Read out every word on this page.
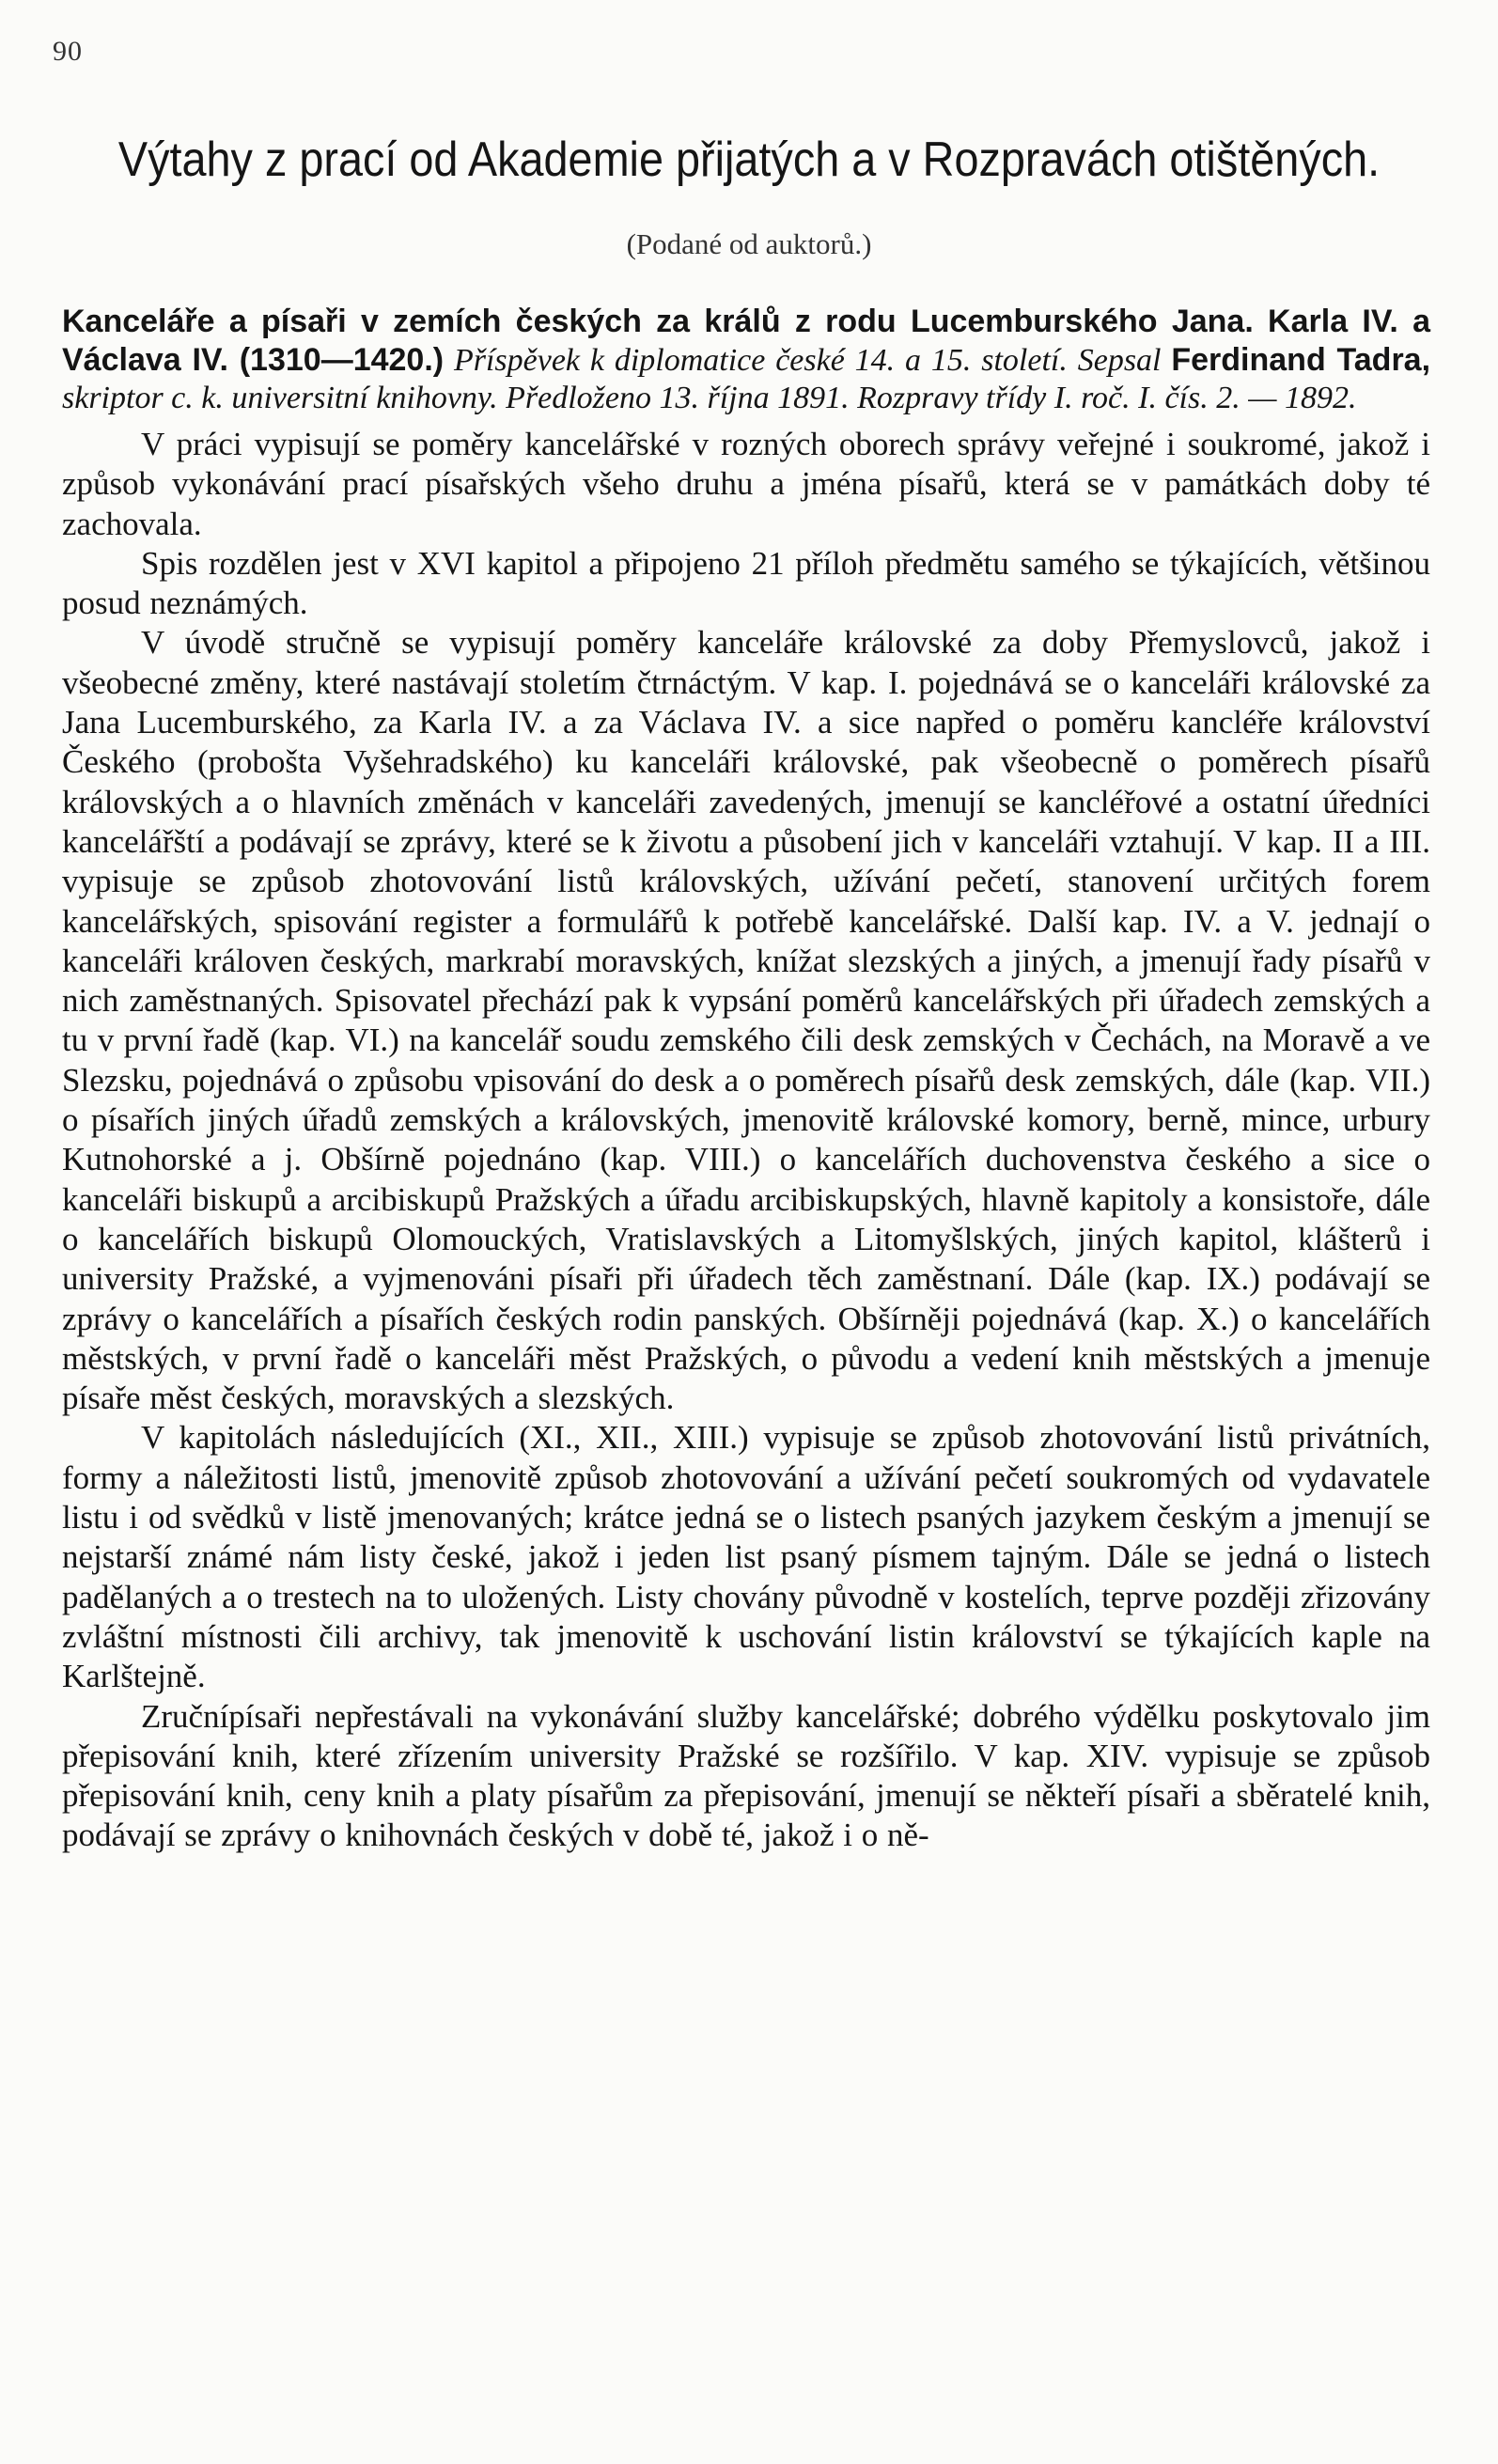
90
Výtahy z prací od Akademie přijatých a v Rozpravách otištěných.
(Podané od auktorů.)

Kanceláře a písaři v zemích českých za králů z rodu Lucemburského Jana. Karla IV. a Václava IV. (1310—1420.) Příspěvek k diplomatice české 14. a 15. století. Sepsal Ferdinand Tadra, skriptor c. k. universitní knihovny. Předloženo 13. října 1891. Rozpravy třídy I. roč. I. čís. 2. — 1892.

V práci vypisují se poměry kancelářské v rozných oborech správy veřejné i soukromé, jakož i způsob vykonávání prací písařských všeho druhu a jména písařů, která se v památkách doby té zachovala.

Spis rozdělen jest v XVI kapitol a připojeno 21 příloh předmětu samého se týkajících, většinou posud neznámých.

V úvodě stručně se vypisují poměry kanceláře královské za doby Přemyslovců, jakož i všeobecné změny, které nastávají stoletím čtrnáctým. V kap. I. pojednává se o kanceláři královské za Jana Lucemburského, za Karla IV. a za Václava IV. a sice napřed o poměru kancléře království Českého (probošta Vyšehradského) ku kanceláři královské, pak všeobecně o poměrech písařů královských a o hlavních změnách v kanceláři zavedených, jmenují se kancléřové a ostatní úředníci kancelářští a podávají se zprávy, které se k životu a působení jich v kanceláři vztahují. V kap. II a III. vypisuje se způsob zhotovování listů královských, užívání pečetí, stanovení určitých forem kancelářských, spisování register a formulářů k potřebě kancelářské. Další kap. IV. a V. jednají o kanceláři královen českých, markrabí moravských, knížat slezských a jiných, a jmenují řady písařů v nich zaměstnaných. Spisovatel přechází pak k vypsání poměrů kancelářských při úřadech zemských a tu v první řadě (kap. VI.) na kancelář soudu zemského čili desk zemských v Čechách, na Moravě a ve Slezsku, pojednává o způsobu vpisování do desk a o poměrech písařů desk zemských, dále (kap. VII.) o písařích jiných úřadů zemských a královských, jmenovitě královské komory, berně, mince, urbury Kutnohorské a j. Obšírně pojednáno (kap. VIII.) o kancelářích duchovenstva českého a sice o kanceláři biskupů a arcibiskupů Pražských a úřadu arcibiskupských, hlavně kapitoly a konsistoře, dále o kancelářích biskupů Olomouckých, Vratislavských a Litomyšlských, jiných kapitol, klášterů i university Pražské, a vyjmenováni písaři při úřadech těch zaměstnaní. Dále (kap. IX.) podávají se zprávy o kancelářích a písařích českých rodin panských. Obšírněji pojednává (kap. X.) o kancelářích městských, v první řadě o kanceláři měst Pražských, o původu a vedení knih městských a jmenuje písaře měst českých, moravských a slezských.

V kapitolách následujících (XI., XII., XIII.) vypisuje se způsob zhotovování listů privátních, formy a náležitosti listů, jmenovitě způsob zhotovování a užívání pečetí soukromých od vydavatele listu i od svědků v listě jmenovaných; krátce jedná se o listech psaných jazykem českým a jmenují se nejstarší známé nám listy české, jakož i jeden list psaný písmem tajným. Dále se jedná o listech padělaných a o trestech na to uložených. Listy chovány původně v kostelích, teprve později zřizovány zvláštní místnosti čili archivy, tak jmenovitě k uschování listin království se týkajících kaple na Karlštejně.

Zručnípísaři nepřestávali na vykonávání služby kancelářské; dobrého výdělku poskytovalo jim přepisování knih, které zřízením university Pražské se rozšířilo. V kap. XIV. vypisuje se způsob přepisování knih, ceny knih a platy písařům za přepisování, jmenují se někteří písaři a sběratelé knih, podávají se zprávy o knihovnách českých v době té, jakož i o ně-
